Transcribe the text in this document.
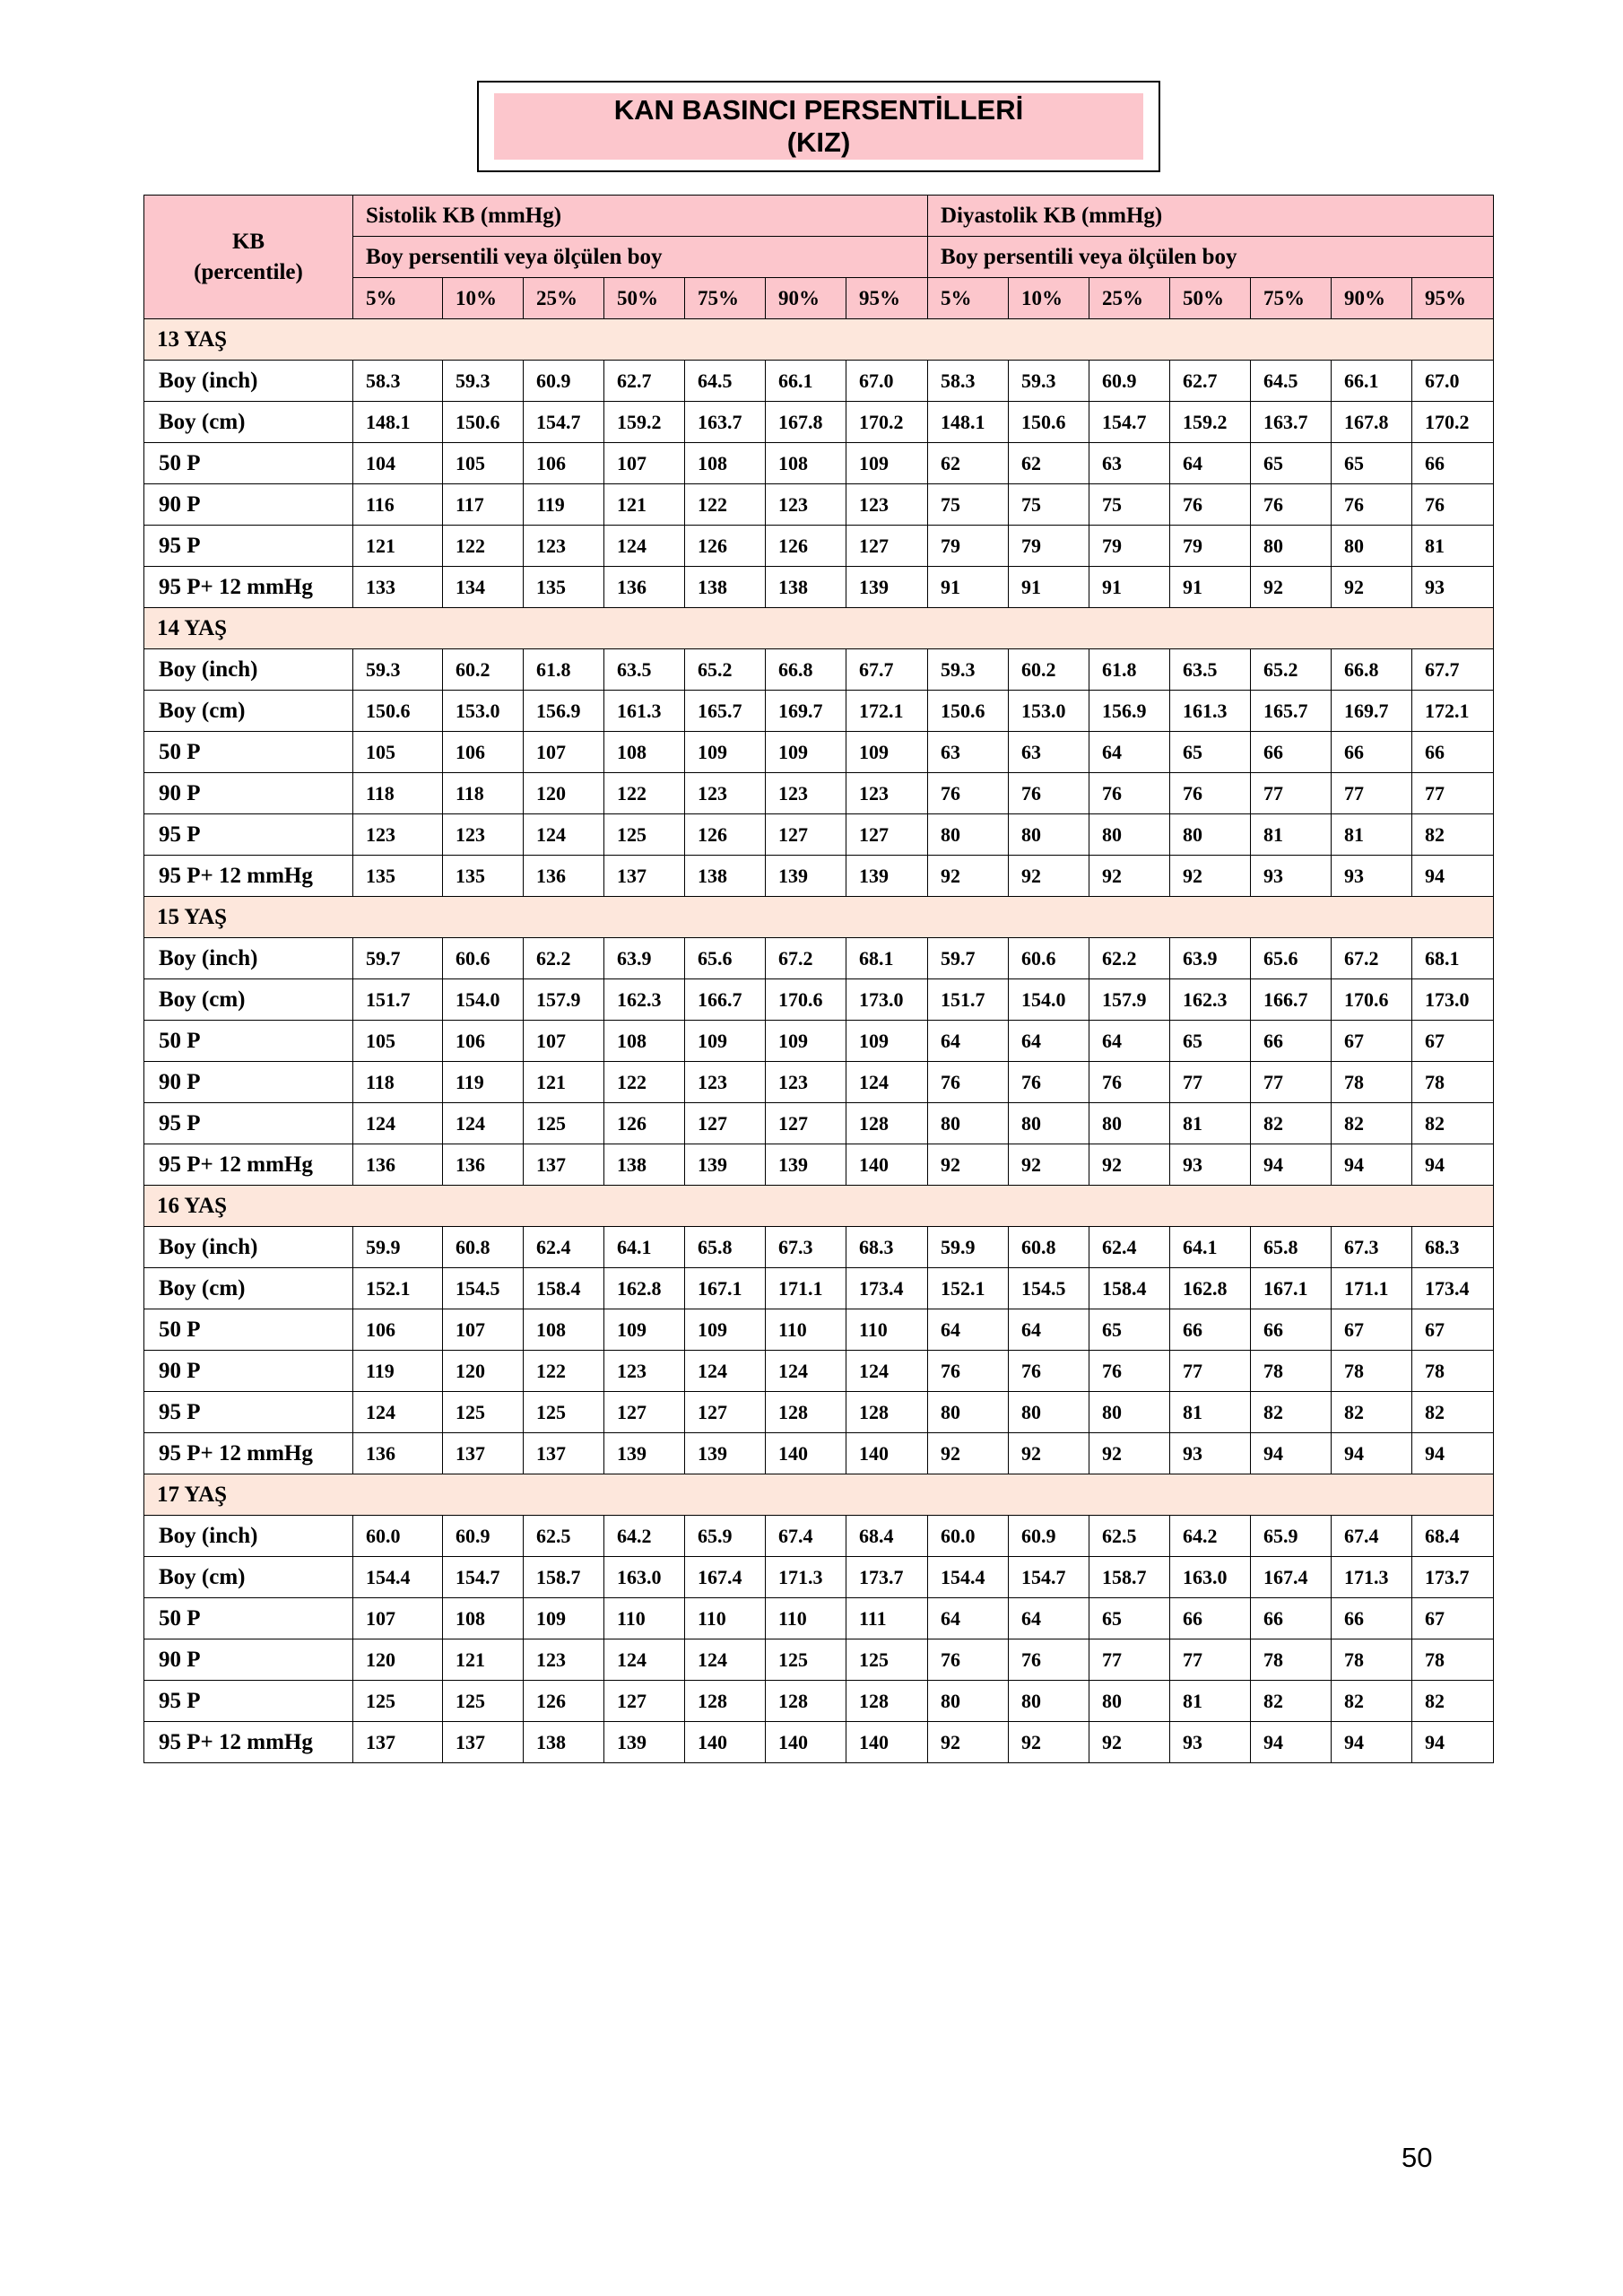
KAN BASINCI PERSENTİLLERİ
(KIZ)
KB
(percentile)	Sistolik KB (mmHg)							Diyastolik KB (mmHg)						
	Boy persentili veya ölçülen boy							Boy persentili veya ölçülen boy						
	5%	10%	25%	50%	75%	90%	95%	5%	10%	25%	50%	75%	90%	95%
13 YAŞ														
Boy (inch)	58.3	59.3	60.9	62.7	64.5	66.1	67.0	58.3	59.3	60.9	62.7	64.5	66.1	67.0
Boy (cm)	148.1	150.6	154.7	159.2	163.7	167.8	170.2	148.1	150.6	154.7	159.2	163.7	167.8	170.2
50 P	104	105	106	107	108	108	109	62	62	63	64	65	65	66
90 P	116	117	119	121	122	123	123	75	75	75	76	76	76	76
95 P	121	122	123	124	126	126	127	79	79	79	79	80	80	81
95 P+ 12 mmHg	133	134	135	136	138	138	139	91	91	91	91	92	92	93
14 YAŞ														
Boy (inch)	59.3	60.2	61.8	63.5	65.2	66.8	67.7	59.3	60.2	61.8	63.5	65.2	66.8	67.7
Boy (cm)	150.6	153.0	156.9	161.3	165.7	169.7	172.1	150.6	153.0	156.9	161.3	165.7	169.7	172.1
50 P	105	106	107	108	109	109	109	63	63	64	65	66	66	66
90 P	118	118	120	122	123	123	123	76	76	76	76	77	77	77
95 P	123	123	124	125	126	127	127	80	80	80	80	81	81	82
95 P+ 12 mmHg	135	135	136	137	138	139	139	92	92	92	92	93	93	94
15 YAŞ														
Boy (inch)	59.7	60.6	62.2	63.9	65.6	67.2	68.1	59.7	60.6	62.2	63.9	65.6	67.2	68.1
Boy (cm)	151.7	154.0	157.9	162.3	166.7	170.6	173.0	151.7	154.0	157.9	162.3	166.7	170.6	173.0
50 P	105	106	107	108	109	109	109	64	64	64	65	66	67	67
90 P	118	119	121	122	123	123	124	76	76	76	77	77	78	78
95 P	124	124	125	126	127	127	128	80	80	80	81	82	82	82
95 P+ 12 mmHg	136	136	137	138	139	139	140	92	92	92	93	94	94	94
16 YAŞ														
Boy (inch)	59.9	60.8	62.4	64.1	65.8	67.3	68.3	59.9	60.8	62.4	64.1	65.8	67.3	68.3
Boy (cm)	152.1	154.5	158.4	162.8	167.1	171.1	173.4	152.1	154.5	158.4	162.8	167.1	171.1	173.4
50 P	106	107	108	109	109	110	110	64	64	65	66	66	67	67
90 P	119	120	122	123	124	124	124	76	76	76	77	78	78	78
95 P	124	125	125	127	127	128	128	80	80	80	81	82	82	82
95 P+ 12 mmHg	136	137	137	139	139	140	140	92	92	92	93	94	94	94
17 YAŞ														
Boy (inch)	60.0	60.9	62.5	64.2	65.9	67.4	68.4	60.0	60.9	62.5	64.2	65.9	67.4	68.4
Boy (cm)	154.4	154.7	158.7	163.0	167.4	171.3	173.7	154.4	154.7	158.7	163.0	167.4	171.3	173.7
50 P	107	108	109	110	110	110	111	64	64	65	66	66	66	67
90 P	120	121	123	124	124	125	125	76	76	77	77	78	78	78
95 P	125	125	126	127	128	128	128	80	80	80	81	82	82	82
95 P+ 12 mmHg	137	137	138	139	140	140	140	92	92	92	93	94	94	94
50
